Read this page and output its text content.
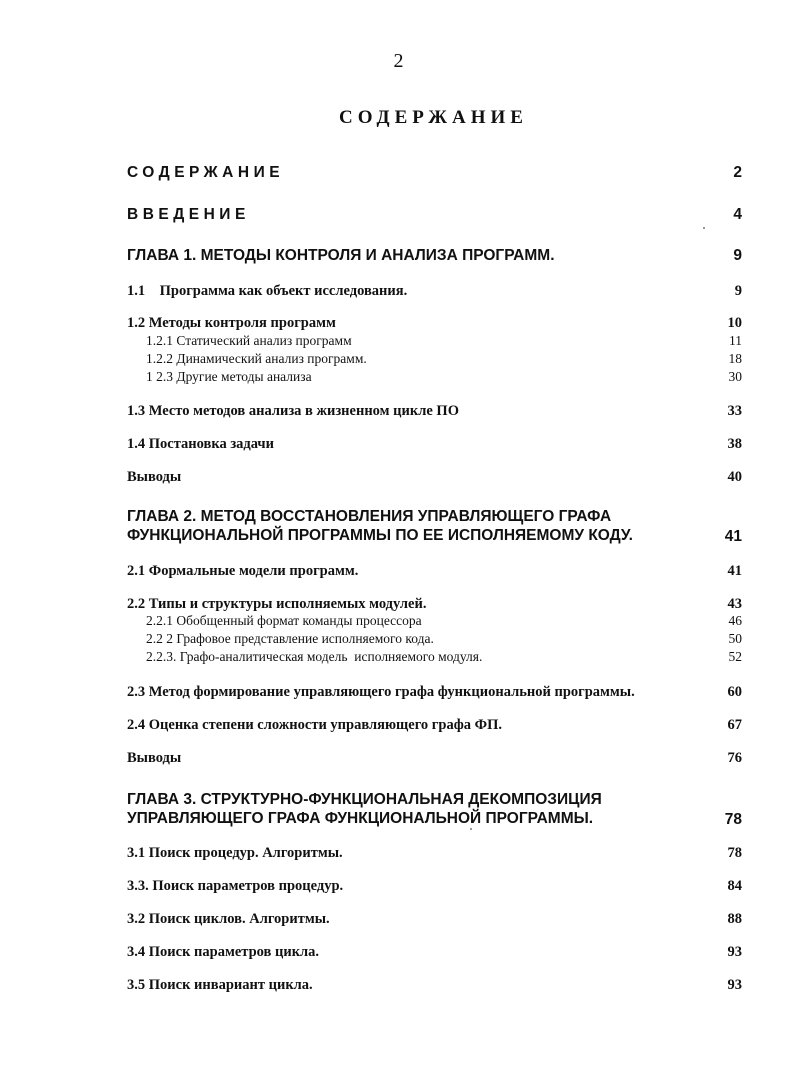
2
СОДЕРЖАНИЕ
СОДЕРЖАНИЕ	2
ВВЕДЕНИЕ	4
ГЛАВА 1. МЕТОДЫ КОНТРОЛЯ И АНАЛИЗА ПРОГРАММ.	9
1.1    Программа как объект исследования.	9
1.2 Методы контроля программ	10
1.2.1 Статический анализ программ	11
1.2.2 Динамический анализ программ.	18
1 2.3 Другие методы анализа	30
1.3 Место методов анализа в жизненном цикле ПО	33
1.4 Постановка задачи	38
Выводы	40
ГЛАВА 2. МЕТОД ВОССТАНОВЛЕНИЯ УПРАВЛЯЮЩЕГО ГРАФА
ФУНКЦИОНАЛЬНОЙ ПРОГРАММЫ ПО ЕЕ ИСПОЛНЯЕМОМУ КОДУ.	41
2.1 Формальные модели программ.	41
2.2 Типы и структуры исполняемых модулей.	43
2.2.1 Обобщенный формат команды процессора	46
2.2 2 Графовое представление исполняемого кода.	50
2.2.3. Графо-аналитическая модель  исполняемого модуля.	52
2.3 Метод формирование управляющего графа функциональной программы.	60
2.4 Оценка степени сложности управляющего графа ФП.	67
Выводы	76
ГЛАВА 3. СТРУКТУРНО-ФУНКЦИОНАЛЬНАЯ ДЕКОМПОЗИЦИЯ
УПРАВЛЯЮЩЕГО ГРАФА ФУНКЦИОНАЛЬНОЙ ПРОГРАММЫ.	78
3.1 Поиск процедур. Алгоритмы.	78
3.3. Поиск параметров процедур.	84
3.2 Поиск циклов. Алгоритмы.	88
3.4 Поиск параметров цикла.	93
3.5 Поиск инвариант цикла.	93
